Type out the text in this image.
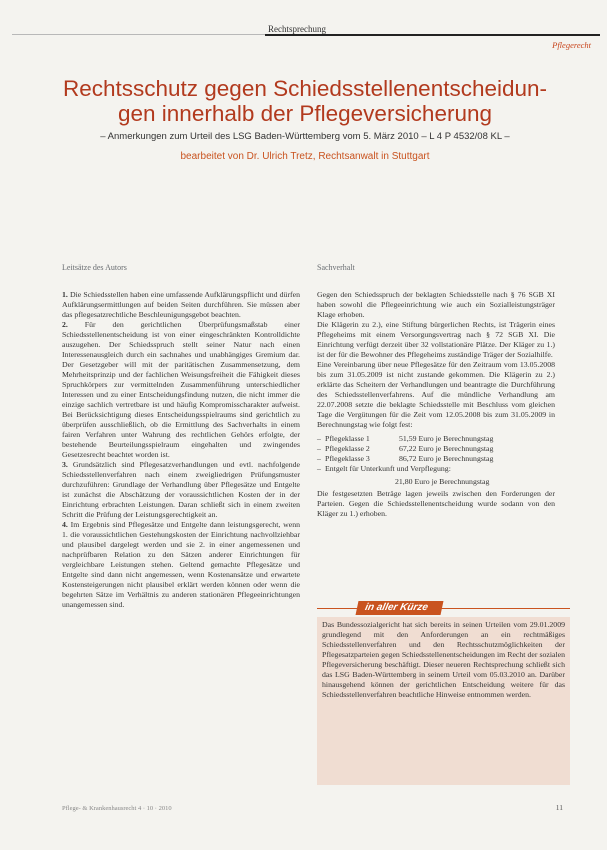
Rechtsprechung
Pflegerecht
Rechtsschutz gegen Schiedsstellenentscheidun-
gen innerhalb der Pflegeversicherung
– Anmerkungen zum Urteil des LSG Baden-Württemberg vom 5. März 2010 – L 4 P 4532/08 KL –
bearbeitet von Dr. Ulrich Tretz, Rechtsanwalt in Stuttgart
Leitsätze des Autors

1. Die Schiedsstellen haben eine umfassende Aufklärungspflicht und dürfen Aufklärungsermittlungen auf beiden Seiten durchführen. Sie müssen aber das pflegesatzrechtliche Beschleunigungsgebot beachten.

2. Für den gerichtlichen Überprüfungsmaßstab einer Schiedsstellenentscheidung ist von einer eingeschränkten Kontrolldichte auszugehen. Der Schiedsspruch stellt seiner Natur nach einen Interessenausgleich durch ein sachnahes und unabhängiges Gremium dar. Der Gesetzgeber will mit der paritätischen Zusammensetzung, dem Mehrheitsprinzip und der fachlichen Weisungsfreiheit die Fähigkeit dieses Spruchkörpers zur vermittelnden Zusammenführung unterschiedlicher Interessen und zu einer Entscheidungsfindung nutzen, die nicht immer die einzige sachlich vertretbare ist und häufig Kompromisscharakter aufweist. Bei Berücksichtigung dieses Entscheidungsspielraums sind gerichtlich zu überprüfen ausschließlich, ob die Ermittlung des Sachverhalts in einem fairen Verfahren unter Wahrung des rechtlichen Gehörs erfolgte, der bestehende Beurteilungsspielraum eingehalten und zwingendes Gesetzesrecht beachtet worden ist.

3. Grundsätzlich sind Pflegesatzverhandlungen und evtl. nachfolgende Schiedsstellenverfahren nach einem zweigliedrigen Prüfungsmuster durchzuführen: Grundlage der Verhandlung über Pflegesätze und Entgelte ist zunächst die Abschätzung der voraussichtlichen Kosten der in der Einrichtung erbrachten Leistungen. Daran schließt sich in einem zweiten Schritt die Prüfung der Leistungsgerechtigkeit an.

4. Im Ergebnis sind Pflegesätze und Entgelte dann leistungsgerecht, wenn 1. die voraussichtlichen Gestehungskosten der Einrichtung nachvollziehbar und plausibel dargelegt werden und sie 2. in einer angemessenen und nachprüfbaren Relation zu den Sätzen anderer Einrichtungen für vergleichbare Leistungen stehen. Geltend gemachte Pflegesätze und Entgelte sind dann nicht angemessen, wenn Kostenansätze und erwartete Kostensteigerungen nicht plausibel erklärt werden können oder wenn die begehrten Sätze im Verhältnis zu anderen stationären Pflegeeinrichtungen unangemessen sind.

Sachverhalt

Gegen den Schiedsspruch der beklagten Schiedsstelle nach § 76 SGB XI haben sowohl die Pflegeeinrichtung wie auch ein Sozialleistungsträger Klage erhoben.

Die Klägerin zu 2.), eine Stiftung bürgerlichen Rechts, ist Trägerin eines Pflegeheims mit einem Versorgungsvertrag nach § 72 SGB XI. Die Einrichtung verfügt derzeit über 32 vollstationäre Plätze. Der Kläger zu 1.) ist der für die Bewohner des Pflegeheims zuständige Träger der Sozialhilfe.

Eine Vereinbarung über neue Pflegesätze für den Zeitraum vom 13.05.2008 bis zum 31.05.2009 ist nicht zustande gekommen. Die Klägerin zu 2.) erklärte das Scheitern der Verhandlungen und beantragte die Durchführung des Schiedsstellenverfahrens. Auf die mündliche Verhandlung am 22.07.2008 setzte die beklagte Schiedsstelle mit Beschluss vom gleichen Tage die Vergütungen für die Zeit vom 12.05.2008 bis zum 31.05.2009 in Berechnungstag wie folgt fest:

– Pflegeklasse 1	51,59 Euro je Berechnungstag
– Pflegeklasse 2	67,22 Euro je Berechnungstag
– Pflegeklasse 3	86,72 Euro je Berechnungstag
– Entgelt für Unterkunft und Verpflegung:
21,80 Euro je Berechnungstag

Die festgesetzten Beträge lagen jeweils zwischen den Forderungen der Parteien. Gegen die Schiedsstellenentscheidung wurde sodann von den Kläger zu 1.) erhoben.

in aller Kürze
Das Bundessozialgericht hat sich bereits in seinen Urteilen vom 29.01.2009 grundlegend mit den Anforderungen an ein rechtmäßiges Schiedsstellenverfahren und den Rechtsschutzmöglichkeiten der Pflegesatzparteien gegen Schiedsstellenentscheidungen im Recht der sozialen Pflegeversicherung beschäftigt. Dieser neueren Rechtsprechung schließt sich das LSG Baden-Württemberg in seinem Urteil vom 05.03.2010 an. Darüber hinausgehend können der gerichtlichen Entscheidung weitere für das Schiedsstellenverfahren beachtliche Hinweise entnommen werden.
Pflege- & Krankenhausrecht 4 · 10 · 2010	11
